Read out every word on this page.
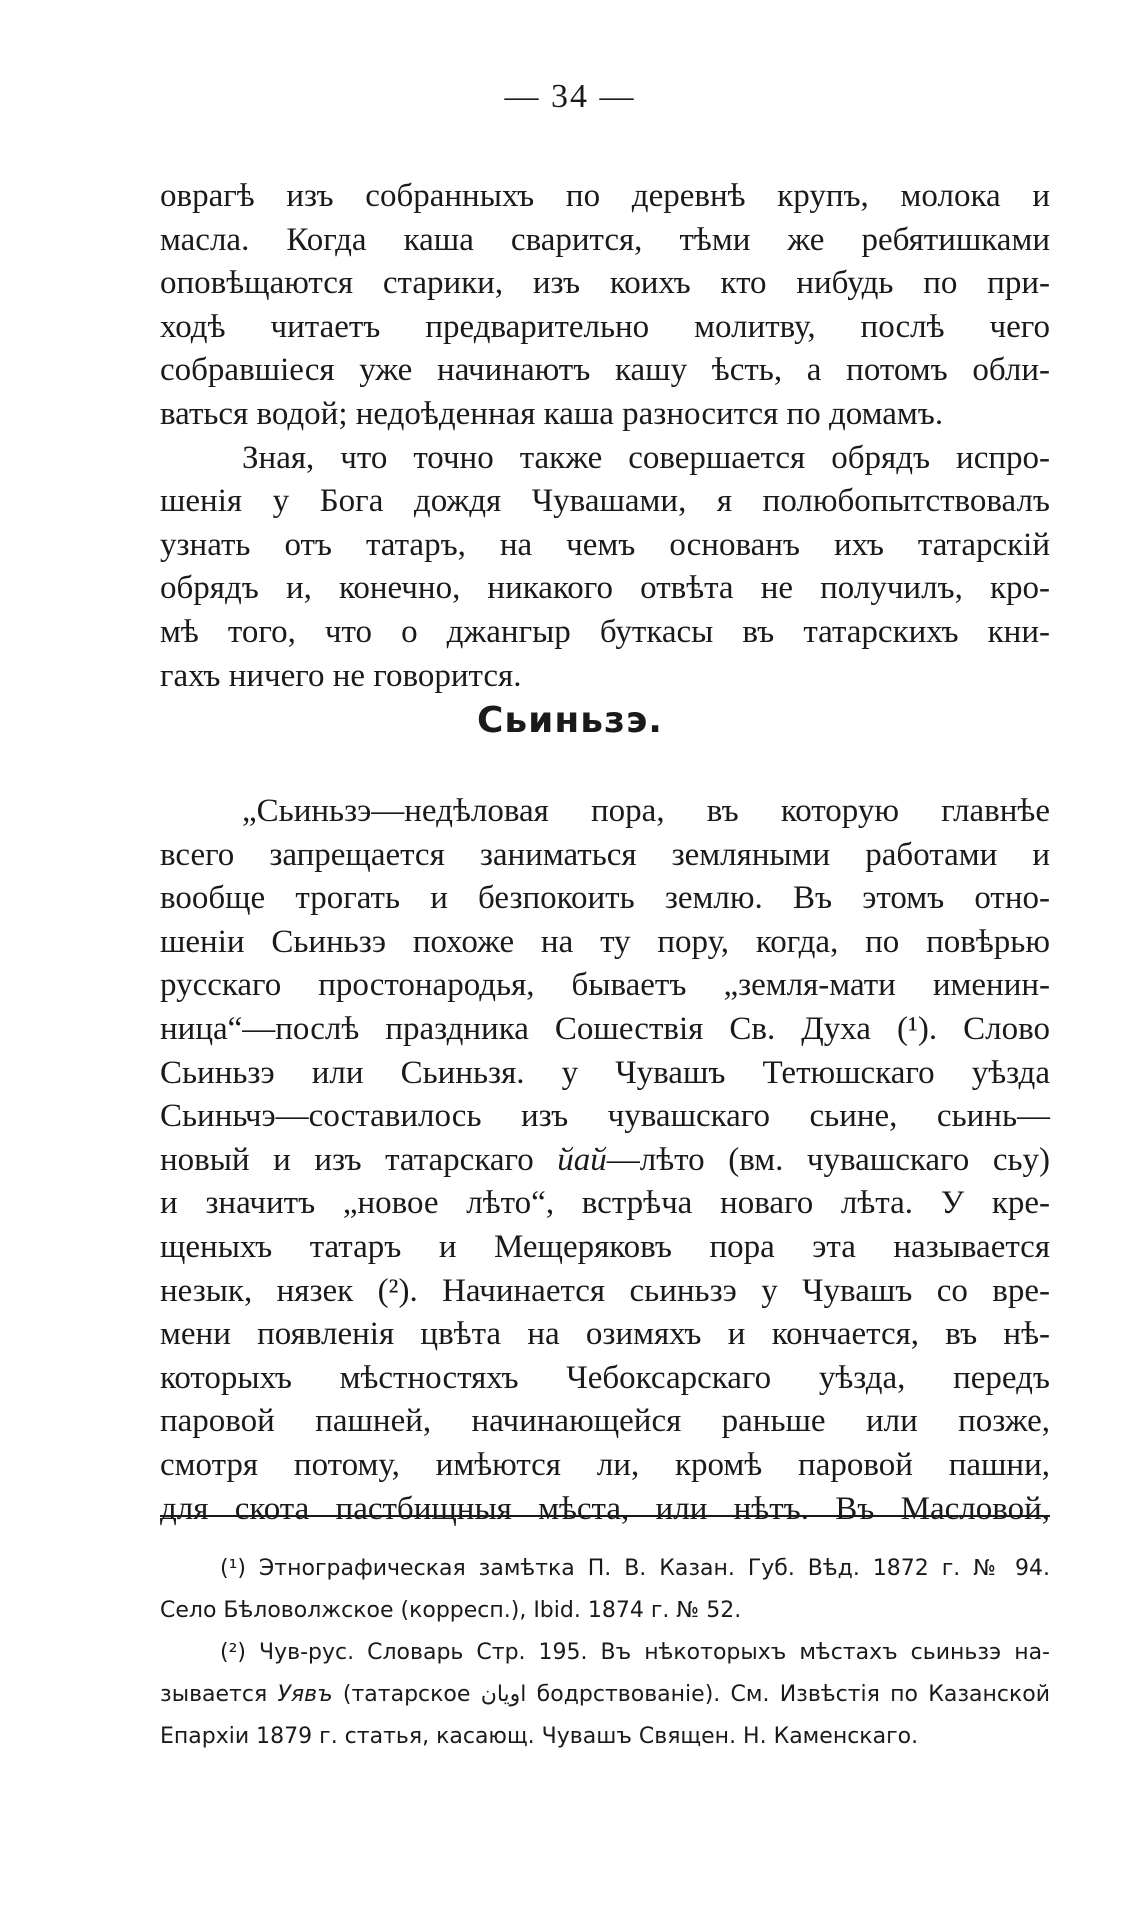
— 34 —
оврагѣ изъ собранныхъ по деревнѣ крупъ, молока и
масла. Когда каша сварится, тѣми же ребятишками
оповѣщаются старики, изъ коихъ кто нибудь по при-
ходѣ читаетъ предварительно молитву, послѣ чего
собравшiеся уже начинаютъ кашу ѣсть, а потомъ обли-
ваться водой; недоѣденная каша разносится по домамъ.
Зная, что точно также совершается обрядъ испро-
шенiя у Бога дождя Чувашами, я полюбопытствовалъ
узнать отъ татаръ, на чемъ основанъ ихъ татарскiй
обрядъ и, конечно, никакого отвѣта не получилъ, кро-
мѣ того, что о джангыр буткасы въ татарскихъ кни-
гахъ ничего не говорится.
Сьиньзэ.
„Сьиньзэ—недѣловая пора, въ которую главнѣе
всего запрещается заниматься земляными работами и
вообще трогать и безпокоить землю. Въ этомъ отно-
шенiи Сьиньзэ похоже на ту пору, когда, по повѣрью
русскаго простонародья, бываетъ „земля-мати именин-
ница“—послѣ праздника Сошествiя Св. Духа (¹). Слово
Сьиньзэ или Сьиньзя. у Чувашъ Тетюшскаго уѣзда
Сьиньчэ—составилось изъ чувашскаго сьине, сьинь—
новый и изъ татарскаго йай—лѣто (вм. чувашскаго сьу)
и значитъ „новое лѣто“, встрѣча новаго лѣта. У кре-
щеныхъ татаръ и Мещеряковъ пора эта называется
незык, нязек (²). Начинается сьиньзэ у Чувашъ со вре-
мени появленiя цвѣта на озимяхъ и кончается, въ нѣ-
которыхъ мѣстностяхъ Чебоксарскаго уѣзда, передъ
паровой пашней, начинающейся раньше или позже,
смотря потому, имѣются ли, кромѣ паровой пашни,
для скота пастбищныя мѣста, или нѣтъ. Въ Масловой,
(¹) Этнографическая замѣтка П. В. Казан. Губ. Вѣд. 1872 г. № 94.
Село Бѣловолжское (корресп.), Ibid. 1874 г. № 52.
(²) Чув-рус. Словарь Стр. 195. Въ нѣкоторыхъ мѣстахъ сьиньзэ на-
зывается Уявъ (татарское اويان бодрствованiе). См. Извѣстiя по Казанской
Епархiи 1879 г. статья, касающ. Чувашъ Священ. Н. Каменскаго.
